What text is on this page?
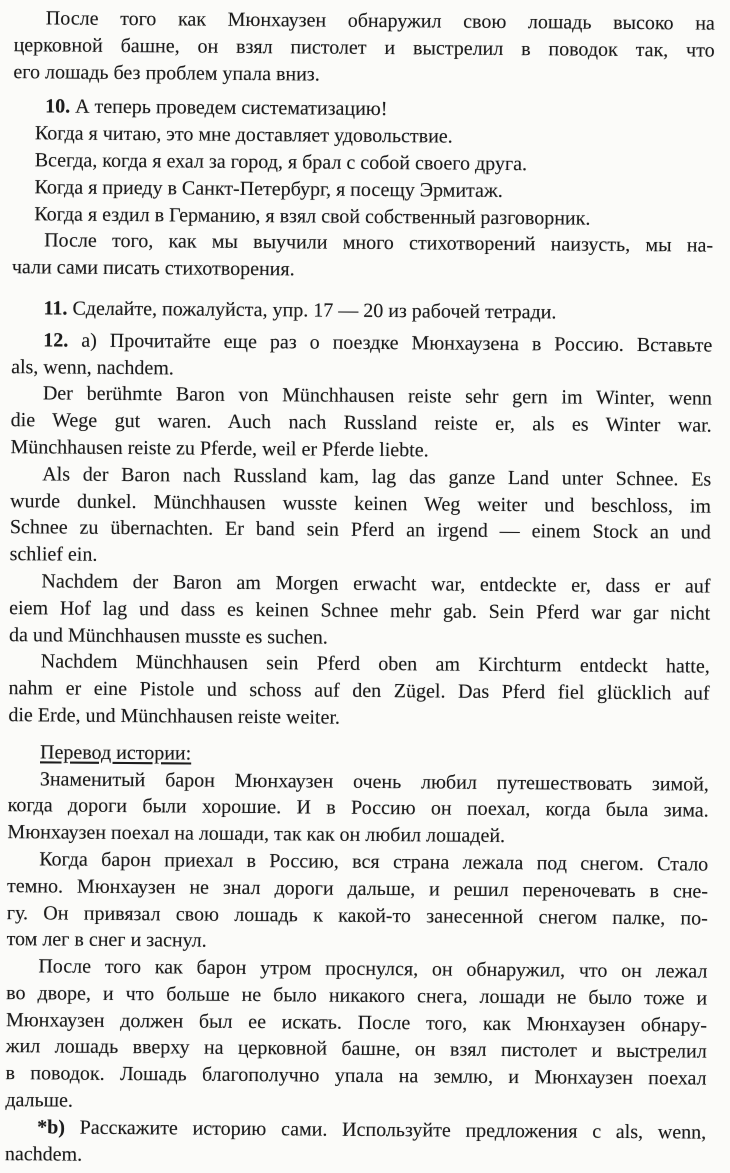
После того как Мюнхаузен обнаружил свою лошадь высоко на
церковной башне, он взял пистолет и выстрелил в поводок так, что
его лошадь без проблем упала вниз.
10. А теперь проведем систематизацию!
Когда я читаю, это мне доставляет удовольствие.
Всегда, когда я ехал за город, я брал с собой своего друга.
Когда я приеду в Санкт-Петербург, я посещу Эрмитаж.
Когда я ездил в Германию, я взял свой собственный разговорник.
После того, как мы выучили много стихотворений наизусть, мы на-
чали сами писать стихотворения.
11. Сделайте, пожалуйста, упр. 17 — 20 из рабочей тетради.
12. а) Прочитайте еще раз о поездке Мюнхаузена в Россию. Вставьте
als, wenn, nachdem.
Der berühmte Baron von Münchhausen reiste sehr gern im Winter, wenn
die Wege gut waren. Auch nach Russland reiste er, als es Winter war.
Münchhausen reiste zu Pferde, weil er Pferde liebte.
Als der Baron nach Russland kam, lag das ganze Land unter Schnee. Es
wurde dunkel. Münchhausen wusste keinen Weg weiter und beschloss, im
Schnee zu übernachten. Er band sein Pferd an irgend — einem Stock an und
schlief ein.
Nachdem der Baron am Morgen erwacht war, entdeckte er, dass er auf
eiem Hof lag und dass es keinen Schnee mehr gab. Sein Pferd war gar nicht
da und Münchhausen musste es suchen.
Nachdem Münchhausen sein Pferd oben am Kirchturm entdeckt hatte,
nahm er eine Pistole und schoss auf den Zügel. Das Pferd fiel glücklich auf
die Erde, und Münchhausen reiste weiter.
Перевод истории:
Знаменитый барон Мюнхаузен очень любил путешествовать зимой,
когда дороги были хорошие. И в Россию он поехал, когда была зима.
Мюнхаузен поехал на лошади, так как он любил лошадей.
Когда барон приехал в Россию, вся страна лежала под снегом. Стало
темно. Мюнхаузен не знал дороги дальше, и решил переночевать в сне-
гу. Он привязал свою лошадь к какой-то занесенной снегом палке, по-
том лег в снег и заснул.
После того как барон утром проснулся, он обнаружил, что он лежал
во дворе, и что больше не было никакого снега, лошади не было тоже и
Мюнхаузен должен был ее искать. После того, как Мюнхаузен обнару-
жил лошадь вверху на церковной башне, он взял пистолет и выстрелил
в поводок. Лошадь благополучно упала на землю, и Мюнхаузен поехал
дальше.
*b) Расскажите историю сами. Используйте предложения с als, wenn,
nachdem.
